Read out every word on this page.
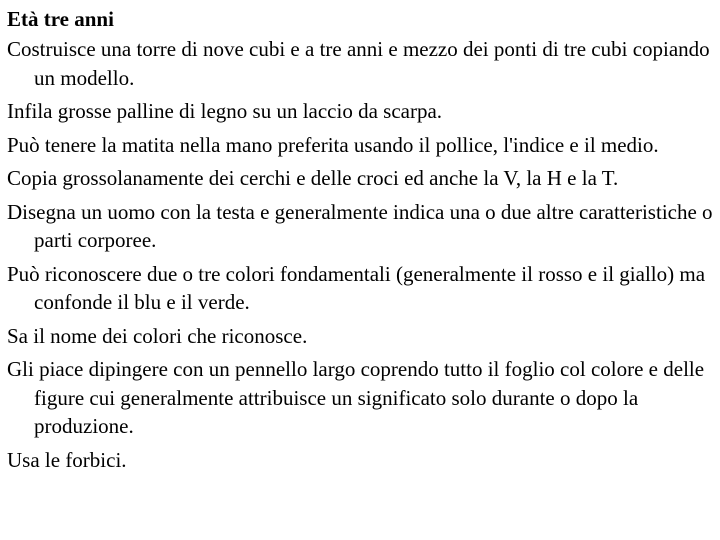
Età tre anni
Costruisce una torre di nove cubi e a tre anni e mezzo dei ponti di tre cubi copiando un modello.
Infila grosse palline di legno su un laccio da scarpa.
Può tenere la matita nella mano preferita usando il pollice, l'indice e il medio.
Copia grossolanamente dei cerchi e delle croci ed anche la V, la H e la T.
Disegna un uomo con la testa e generalmente indica una o due altre caratteristiche o parti corporee.
Può riconoscere due o tre colori fondamentali (generalmente il rosso e il giallo) ma confonde il blu e il verde.
Sa il nome dei colori che riconosce.
Gli piace dipingere con un pennello largo coprendo tutto il foglio col colore e delle figure cui generalmente attribuisce un significato solo durante o dopo la produzione.
Usa le forbici.
